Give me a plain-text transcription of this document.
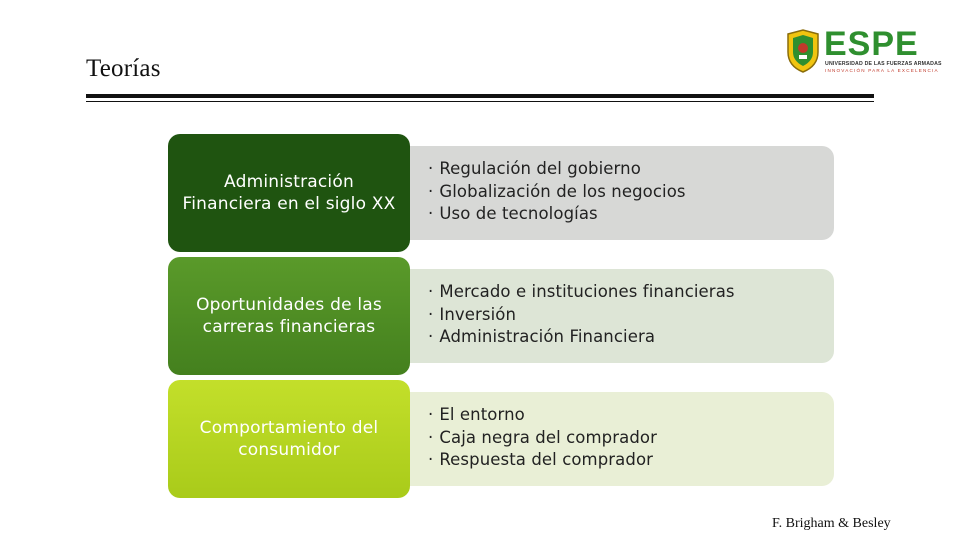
Teorías
ESPE
UNIVERSIDAD DE LAS FUERZAS ARMADAS
INNOVACIÓN PARA LA EXCELENCIA
· Regulación del gobierno
· Globalización de los negocios
· Uso de tecnologías
Administración Financiera en el siglo XX
· Mercado e instituciones financieras
· Inversión
· Administración Financiera
Oportunidades de las carreras financieras
· El entorno
· Caja negra del comprador
· Respuesta del comprador
Comportamiento del consumidor
F. Brigham & Besley
